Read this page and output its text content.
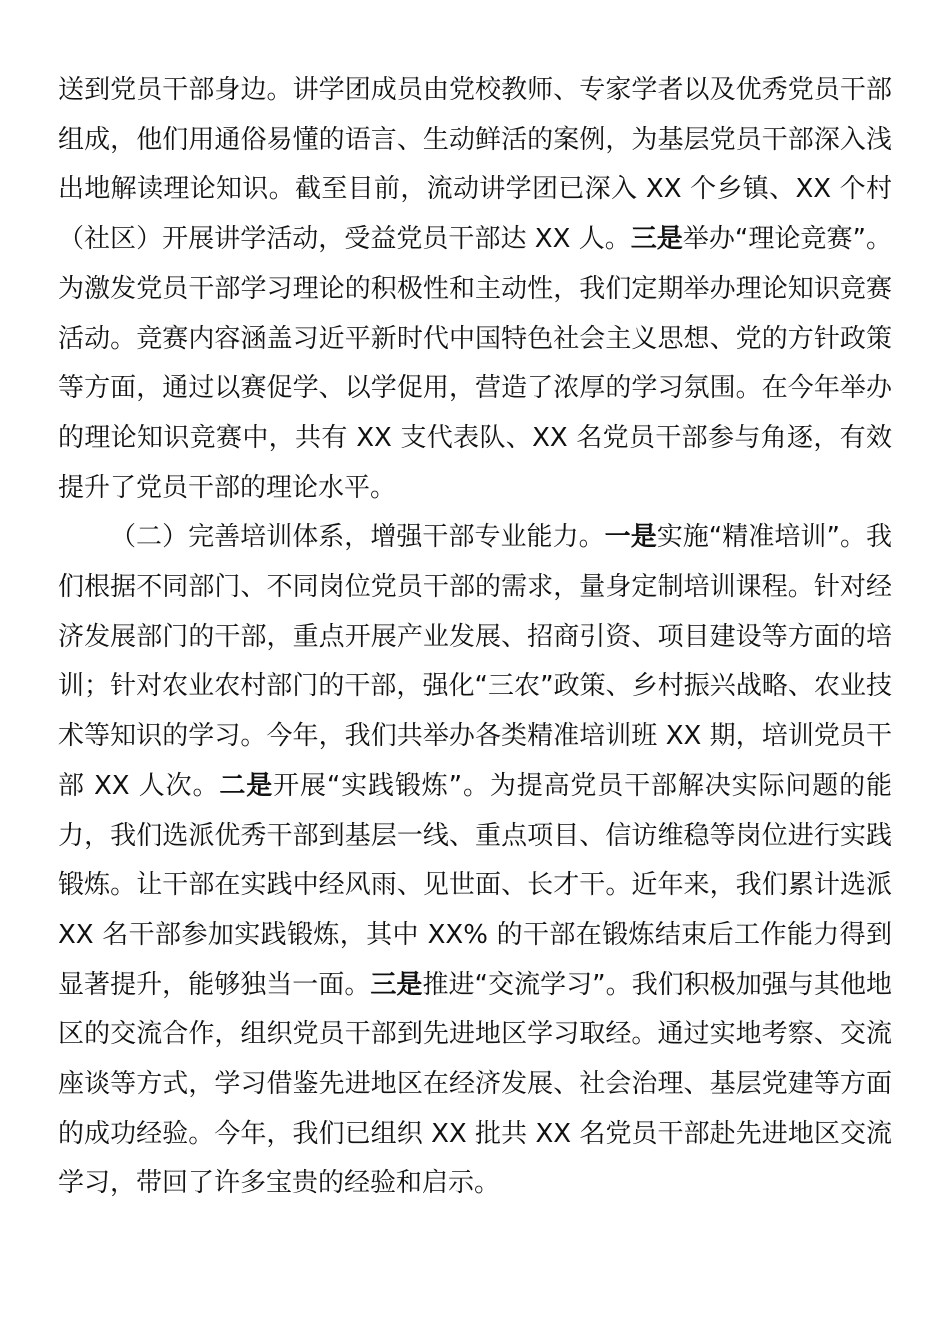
送到党员干部身边。讲学团成员由党校教师、专家学者以及优秀党员干部组成，他们用通俗易懂的语言、生动鲜活的案例，为基层党员干部深入浅出地解读理论知识。截至目前，流动讲学团已深入 XX 个乡镇、XX 个村（社区）开展讲学活动，受益党员干部达 XX 人。三是举办“理论竞赛”。为激发党员干部学习理论的积极性和主动性，我们定期举办理论知识竞赛活动。竞赛内容涵盖习近平新时代中国特色社会主义思想、党的方针政策等方面，通过以赛促学、以学促用，营造了浓厚的学习氛围。在今年举办的理论知识竞赛中，共有 XX 支代表队、XX 名党员干部参与角逐，有效提升了党员干部的理论水平。

（二）完善培训体系，增强干部专业能力。一是实施“精准培训”。我们根据不同部门、不同岗位党员干部的需求，量身定制培训课程。针对经济发展部门的干部，重点开展产业发展、招商引资、项目建设等方面的培训；针对农业农村部门的干部，强化“三农”政策、乡村振兴战略、农业技术等知识的学习。今年，我们共举办各类精准培训班 XX 期，培训党员干部 XX 人次。二是开展“实践锻炼”。为提高党员干部解决实际问题的能力，我们选派优秀干部到基层一线、重点项目、信访维稳等岗位进行实践锻炼。让干部在实践中经风雨、见世面、长才干。近年来，我们累计选派 XX 名干部参加实践锻炼，其中 XX% 的干部在锻炼结束后工作能力得到显著提升，能够独当一面。三是推进“交流学习”。我们积极加强与其他地区的交流合作，组织党员干部到先进地区学习取经。通过实地考察、交流座谈等方式，学习借鉴先进地区在经济发展、社会治理、基层党建等方面的成功经验。今年，我们已组织 XX 批共 XX 名党员干部赴先进地区交流学习，带回了许多宝贵的经验和启示。
